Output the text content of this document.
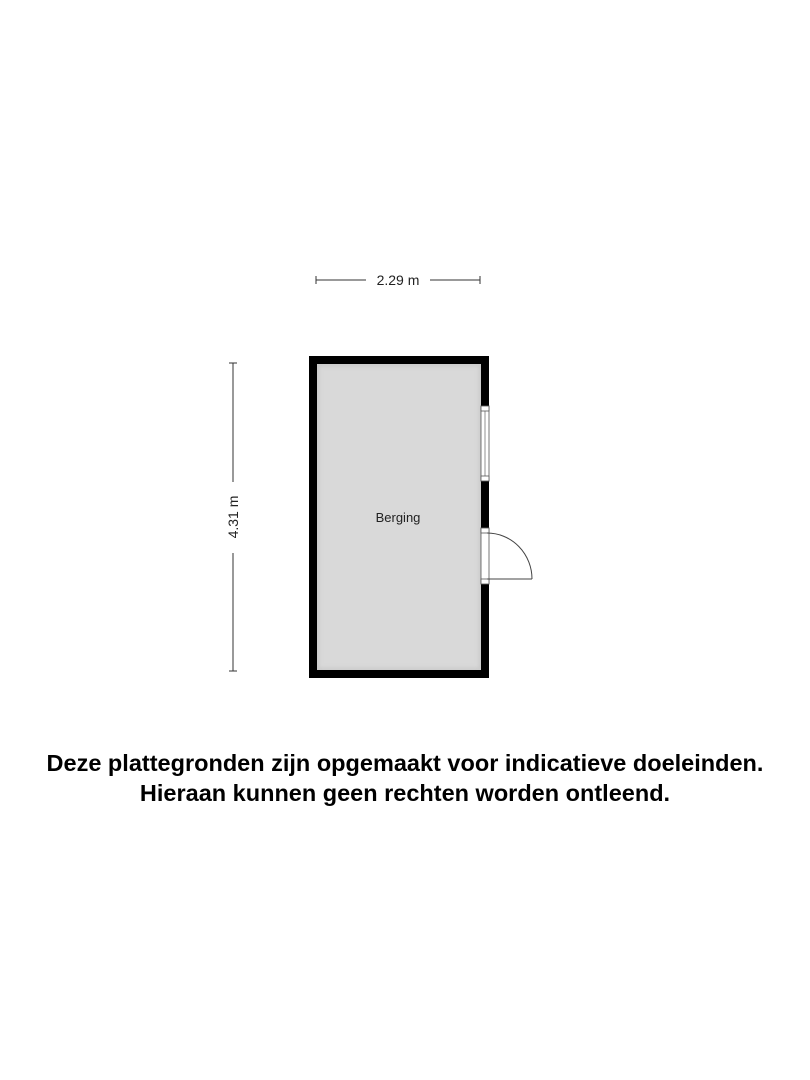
2.29 m
4.31 m	Berging
Deze plattegronden zijn opgemaakt voor indicatieve doeleinden.
Hieraan kunnen geen rechten worden ontleend.
